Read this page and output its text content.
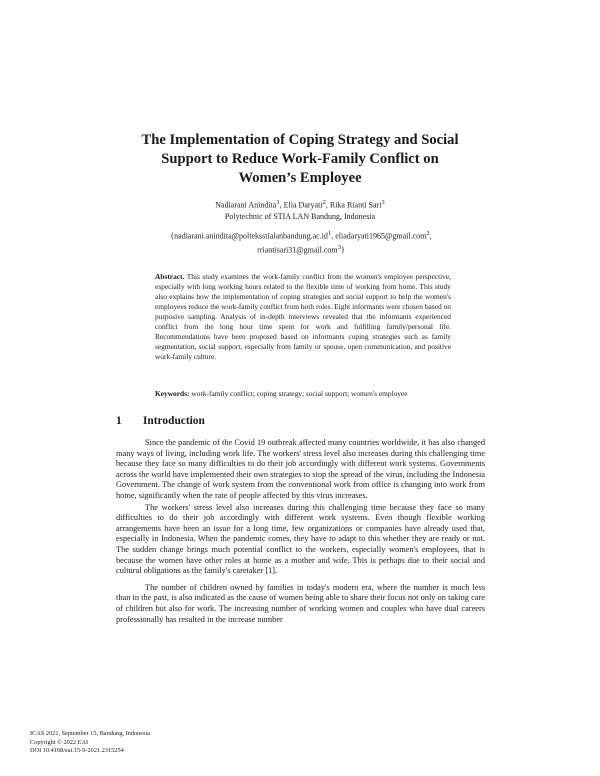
The Implementation of Coping Strategy and Social
Support to Reduce Work-Family Conflict on
Women’s Employee
Nadiarani Anindita$^1$, Elia Daryati$^2$, Rika Rianti Sari$^3$
Polytechnic of STIA LAN Bandung, Indonesia
{$nadiarani.anindita@polteksstialanbandung.ac.id^1$, eliadaryati1965@gmail.com$^2$,
rriantisari31@gmail.com$^3$}
Abstract. This study examines the work-family conflict from the women's employee perspective, especially with long working hours related to the flexible time of working from home. This study also explains how the implementation of coping strategies and social support to help the women's employees reduce the work-family conflict from both roles. Eight informants were chosen based on purposive sampling. Analysis of in-depth interviews revealed that the informants experienced conflict from the long hour time spent for work and fulfilling family/personal life. Recommendations have been proposed based on informants coping strategies such as family segmentation, social support, especially from family or spouse, open communication, and positive work-family culture.
Keywords: work-family conflict; coping strategy; social support; women's employee
1 Introduction

Since the pandemic of the Covid 19 outbreak affected many countries worldwide, it has also changed many ways of living, including work life. The workers' stress level also increases during this challenging time because they face so many difficulties to do their job accordingly with different work systems. Governments across the world have implemented their own strategies to stop the spread of the virus, including the Indonesia Government. The change of work system from the conventional work from office is changing into work from home, significantly when the rate of people affected by this virus increases.

The workers' stress level also increases during this challenging time because they face so many difficulties to do their job accordingly with different work systems. Even though flexible working arrangements have been an issue for a long time, few organizations or companies have already used that, especially in Indonesia. When the pandemic comes, they have to adapt to this whether they are ready or not. The sudden change brings much potential conflict to the workers, especially women's employees, that is because the women have other roles at home as a mother and wife. This is perhaps due to their social and cultural obligations as the family's caretaker [1].

The number of children owned by families in today's modern era, where the number is much less than in the past, is also indicated as the cause of women being able to share their focus not only on taking care of children but also for work. The increasing number of working women and couples who have dual careers professionally has resulted in the increase number

ICAS 2021, September 15, Bandung, Indonesia
Copyright © 2022 EAI
DOI 10.4108/eai.15-9-2021.2315254
